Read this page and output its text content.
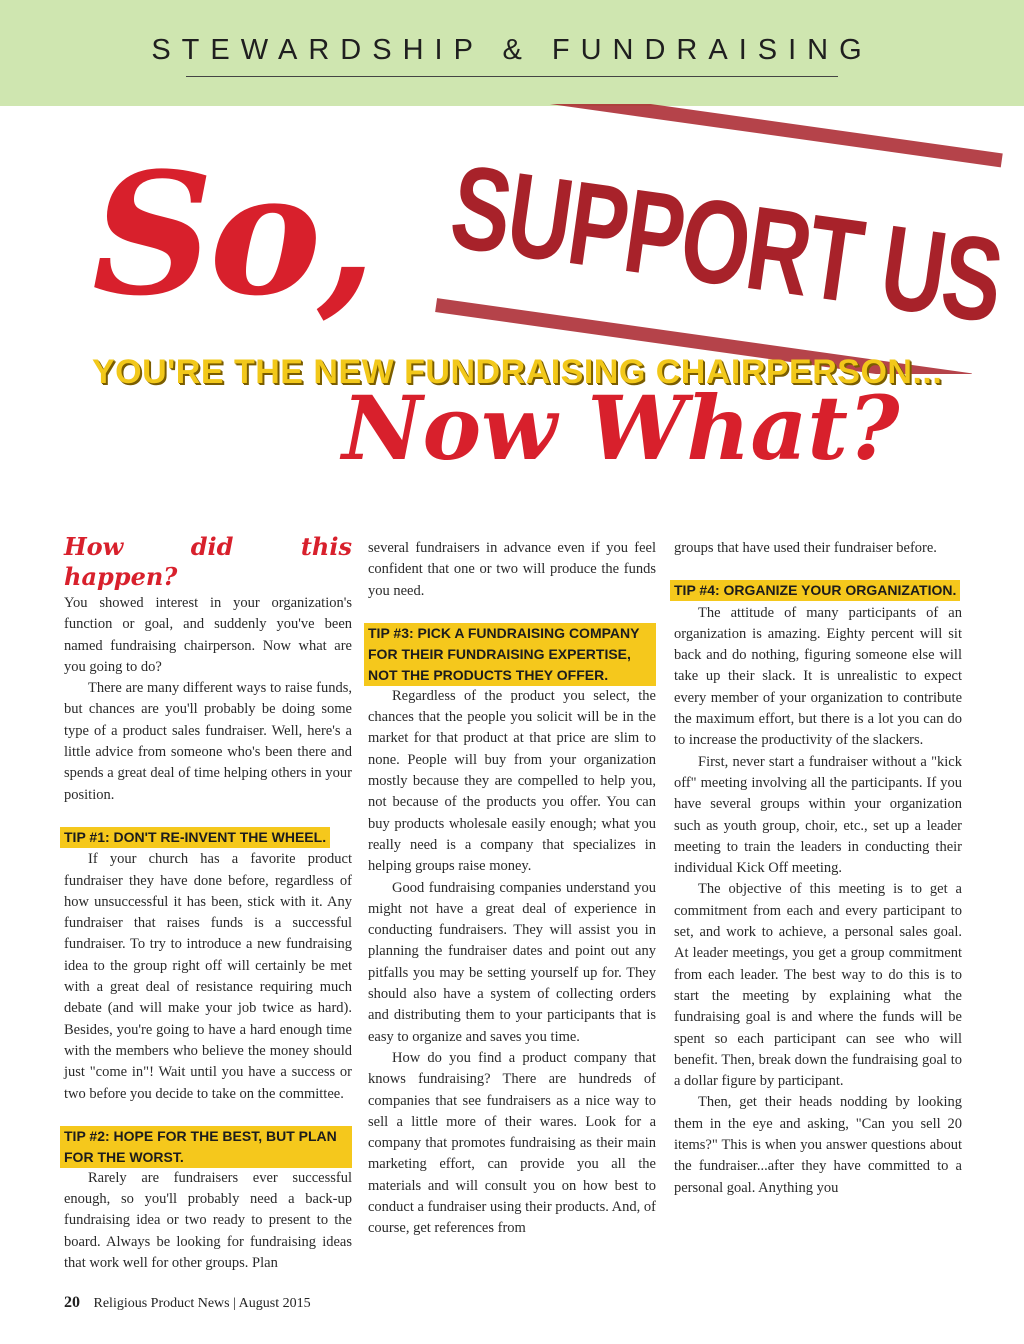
STEWARDSHIP & FUNDRAISING
So, SUPPORT US
YOU'RE THE NEW FUNDRAISING CHAIRPERSON...
Now What?
How did this happen?

You showed interest in your organization's function or goal, and suddenly you've been named fundraising chairperson. Now what are you going to do?

There are many different ways to raise funds, but chances are you'll probably be doing some type of a product sales fundraiser. Well, here's a little advice from someone who's been there and spends a great deal of time helping others in your position.

TIP #1: DON'T RE-INVENT THE WHEEL.

If your church has a favorite product fundraiser they have done before, regardless of how unsuccessful it has been, stick with it. Any fundraiser that raises funds is a successful fundraiser. To try to introduce a new fundraising idea to the group right off will certainly be met with a great deal of resistance requiring much debate (and will make your job twice as hard). Besides, you're going to have a hard enough time with the members who believe the money should just "come in"! Wait until you have a success or two before you decide to take on the committee.

TIP #2: HOPE FOR THE BEST, BUT PLAN FOR THE WORST.

Rarely are fundraisers ever successful enough, so you'll probably need a back-up fundraising idea or two ready to present to the board. Always be looking for fundraising ideas that work well for other groups. Plan

several fundraisers in advance even if you feel confident that one or two will produce the funds you need.

TIP #3: PICK A FUNDRAISING COMPANY FOR THEIR FUNDRAISING EXPERTISE, NOT THE PRODUCTS THEY OFFER.

Regardless of the product you select, the chances that the people you solicit will be in the market for that product at that price are slim to none. People will buy from your organization mostly because they are compelled to help you, not because of the products you offer. You can buy products wholesale easily enough; what you really need is a company that specializes in helping groups raise money.

Good fundraising companies understand you might not have a great deal of experience in conducting fundraisers. They will assist you in planning the fundraiser dates and point out any pitfalls you may be setting yourself up for. They should also have a system of collecting orders and distributing them to your participants that is easy to organize and saves you time.

How do you find a product company that knows fundraising? There are hundreds of companies that see fundraisers as a nice way to sell a little more of their wares. Look for a company that promotes fundraising as their main marketing effort, can provide you all the materials and will consult you on how best to conduct a fundraiser using their products. And, of course, get references from

groups that have used their fundraiser before.

TIP #4: ORGANIZE YOUR ORGANIZATION.

The attitude of many participants of an organization is amazing. Eighty percent will sit back and do nothing, figuring someone else will take up their slack. It is unrealistic to expect every member of your organization to contribute the maximum effort, but there is a lot you can do to increase the productivity of the slackers.

First, never start a fundraiser without a "kick off" meeting involving all the participants. If you have several groups within your organization such as youth group, choir, etc., set up a leader meeting to train the leaders in conducting their individual Kick Off meeting.

The objective of this meeting is to get a commitment from each and every participant to set, and work to achieve, a personal sales goal. At leader meetings, you get a group commitment from each leader. The best way to do this is to start the meeting by explaining what the fundraising goal is and where the funds will be spent so each participant can see who will benefit. Then, break down the fundraising goal to a dollar figure by participant.

Then, get their heads nodding by looking them in the eye and asking, "Can you sell 20 items?" This is when you answer questions about the fundraiser...after they have committed to a personal goal. Anything you

20 Religious Product News | August 2015
